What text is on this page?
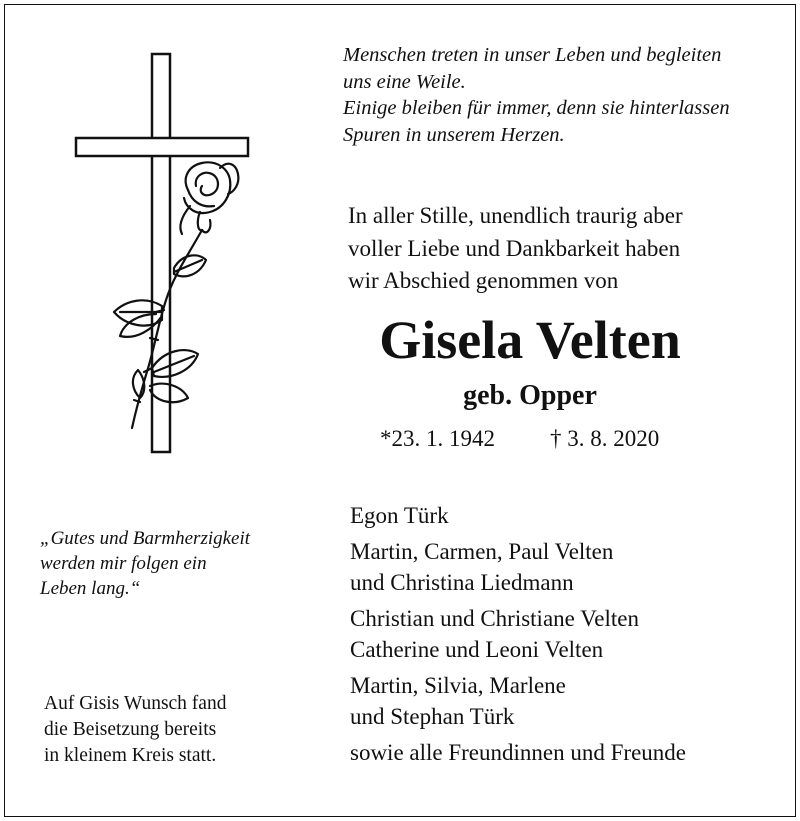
Menschen treten in unser Leben und begleiten
uns eine Weile.
Einige bleiben für immer, denn sie hinterlassen
Spuren in unserem Herzen.
In aller Stille, unendlich traurig aber
voller Liebe und Dankbarkeit haben
wir Abschied genommen von
Gisela Velten
geb. Opper
*23. 1. 1942 † 3. 8. 2020
„Gutes und Barmherzigkeit
werden mir folgen ein
Leben lang.“
Auf Gisis Wunsch fand
die Beisetzung bereits
in kleinem Kreis statt.
Egon Türk
Martin, Carmen, Paul Velten
und Christina Liedmann
Christian und Christiane Velten
Catherine und Leoni Velten
Martin, Silvia, Marlene
und Stephan Türk
sowie alle Freundinnen und Freunde
